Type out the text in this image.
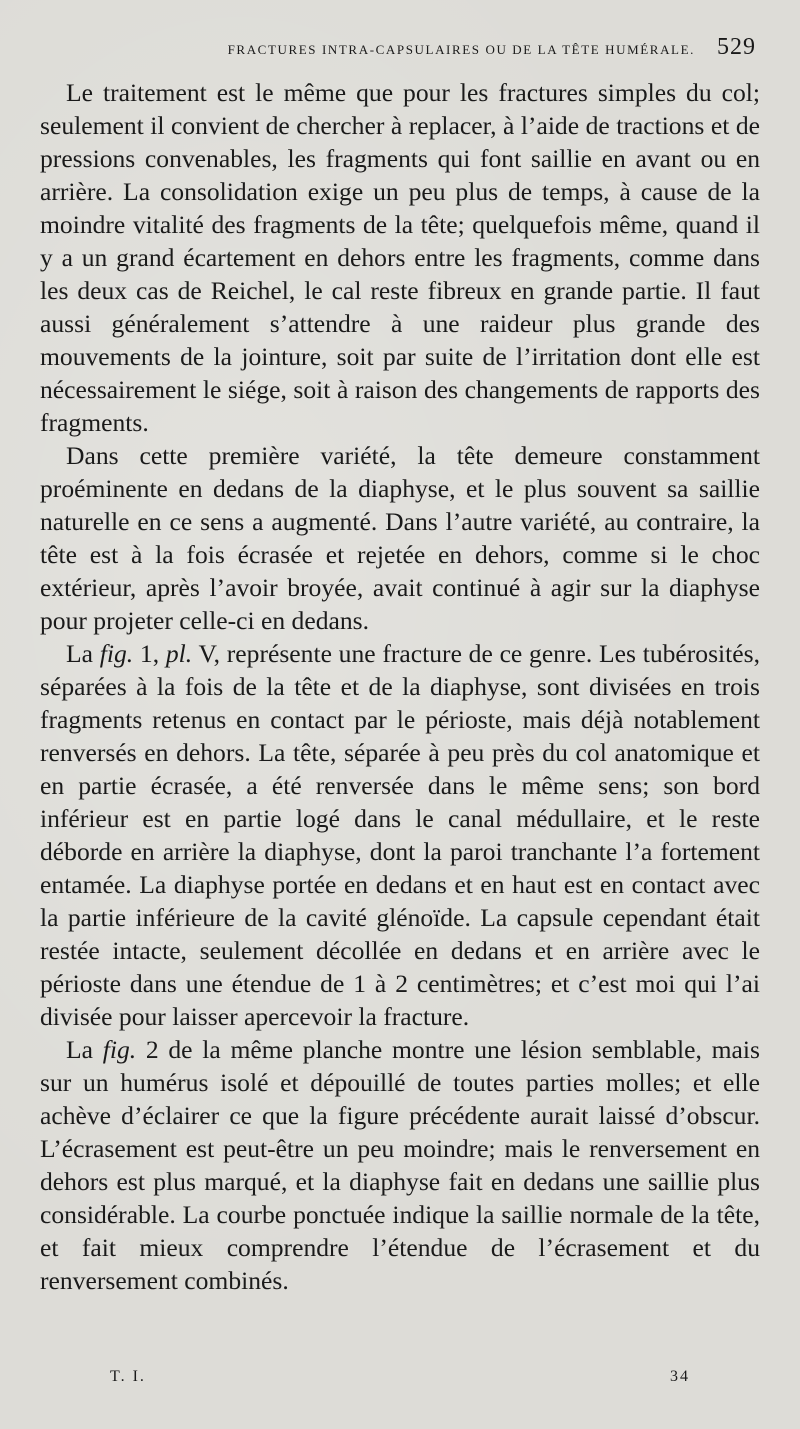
FRACTURES INTRA-CAPSULAIRES OU DE LA TÊTE HUMÉRALE. 529

Le traitement est le même que pour les fractures simples du col; seulement il convient de chercher à replacer, à l’aide de tractions et de pressions convenables, les fragments qui font saillie en avant ou en arrière. La consolidation exige un peu plus de temps, à cause de la moindre vitalité des fragments de la tête; quelquefois même, quand il y a un grand écartement en dehors entre les fragments, comme dans les deux cas de Reichel, le cal reste fibreux en grande partie. Il faut aussi généralement s’attendre à une raideur plus grande des mouvements de la jointure, soit par suite de l’irritation dont elle est nécessairement le siége, soit à raison des changements de rapports des fragments.

Dans cette première variété, la tête demeure constamment proéminente en dedans de la diaphyse, et le plus souvent sa saillie naturelle en ce sens a augmenté. Dans l’autre variété, au contraire, la tête est à la fois écrasée et rejetée en dehors, comme si le choc extérieur, après l’avoir broyée, avait continué à agir sur la diaphyse pour projeter celle-ci en dedans.

La fig. 1, pl. V, représente une fracture de ce genre. Les tubérosités, séparées à la fois de la tête et de la diaphyse, sont divisées en trois fragments retenus en contact par le périoste, mais déjà notablement renversés en dehors. La tête, séparée à peu près du col anatomique et en partie écrasée, a été renversée dans le même sens; son bord inférieur est en partie logé dans le canal médullaire, et le reste déborde en arrière la diaphyse, dont la paroi tranchante l’a fortement entamée. La diaphyse portée en dedans et en haut est en contact avec la partie inférieure de la cavité glénoïde. La capsule cependant était restée intacte, seulement décollée en dedans et en arrière avec le périoste dans une étendue de 1 à 2 centimètres; et c’est moi qui l’ai divisée pour laisser apercevoir la fracture.

La fig. 2 de la même planche montre une lésion semblable, mais sur un humérus isolé et dépouillé de toutes parties molles; et elle achève d’éclairer ce que la figure précédente aurait laissé d’obscur. L’écrasement est peut-être un peu moindre; mais le renversement en dehors est plus marqué, et la diaphyse fait en dedans une saillie plus considérable. La courbe ponctuée indique la saillie normale de la tête, et fait mieux comprendre l’étendue de l’écrasement et du renversement combinés.

T. I.	34
